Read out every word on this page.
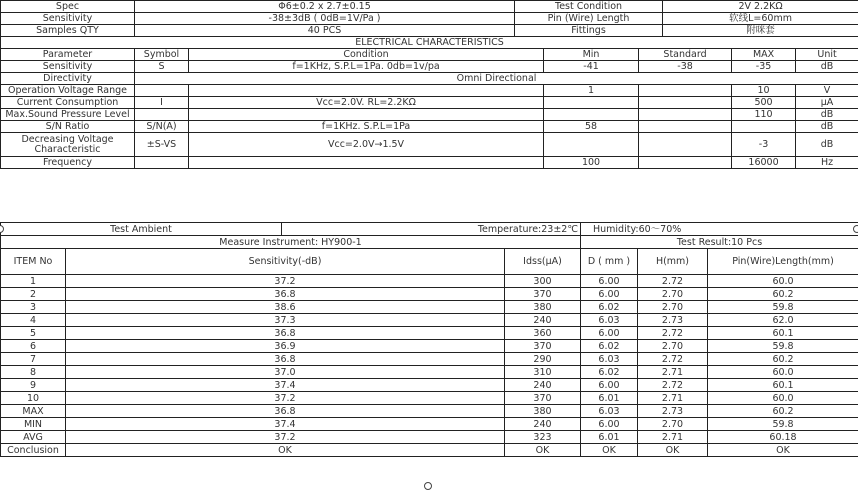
Spec	Φ6±0.2 x 2.7±0.15		Test Condition			2V 2.2KΩ		
Sensitivity	-38±3dB ( 0dB=1V/Pa )		Pin (Wire) Length			软线L=60mm		
Samples QTY	40 PCS		Fittings			附咪套		
ELECTRICAL CHARACTERISTICS								
Parameter	Symbol	Condition		Min	Standard		MAX	Unit
Sensitivity	S	f=1KHz, S.P.L=1Pa. 0db=1v/pa		-41	-38		-35	dB
Directivity	Omni Directional							
Operation Voltage Range				1			10	V
Current Consumption	I	Vcc=2.0V. RL=2.2KΩ					500	μA
Max.Sound Pressure Level							110	dB
S/N Ratio	S/N(A)	f=1KHz. S.P.L=1Pa		58				dB
Decreasing Voltage Characteristic	±S-VS	Vcc=2.0V→1.5V					-3	dB
Frequency				100			16000	Hz
Test Ambient		Temperature:23±2℃		Humidity:60～70%		
Measure Instrument: HY900-1				Test Result:10 Pcs		
ITEM No	Sensitivity(-dB)		Idss(μA)	D ( mm )	H(mm)	Pin(Wire)Length(mm)
1	37.2		300	6.00	2.72	60.0
2	36.8		370	6.00	2.70	60.2
3	38.6		380	6.02	2.70	59.8
4	37.3		240	6.03	2.73	62.0
5	36.8		360	6.00	2.72	60.1
6	36.9		370	6.02	2.70	59.8
7	36.8		290	6.03	2.72	60.2
8	37.0		310	6.02	2.71	60.0
9	37.4		240	6.00	2.72	60.1
10	37.2		370	6.01	2.71	60.0
MAX	36.8		380	6.03	2.73	60.2
MIN	37.4		240	6.00	2.70	59.8
AVG	37.2		323	6.01	2.71	60.18
Conclusion	OK		OK	OK	OK	OK
